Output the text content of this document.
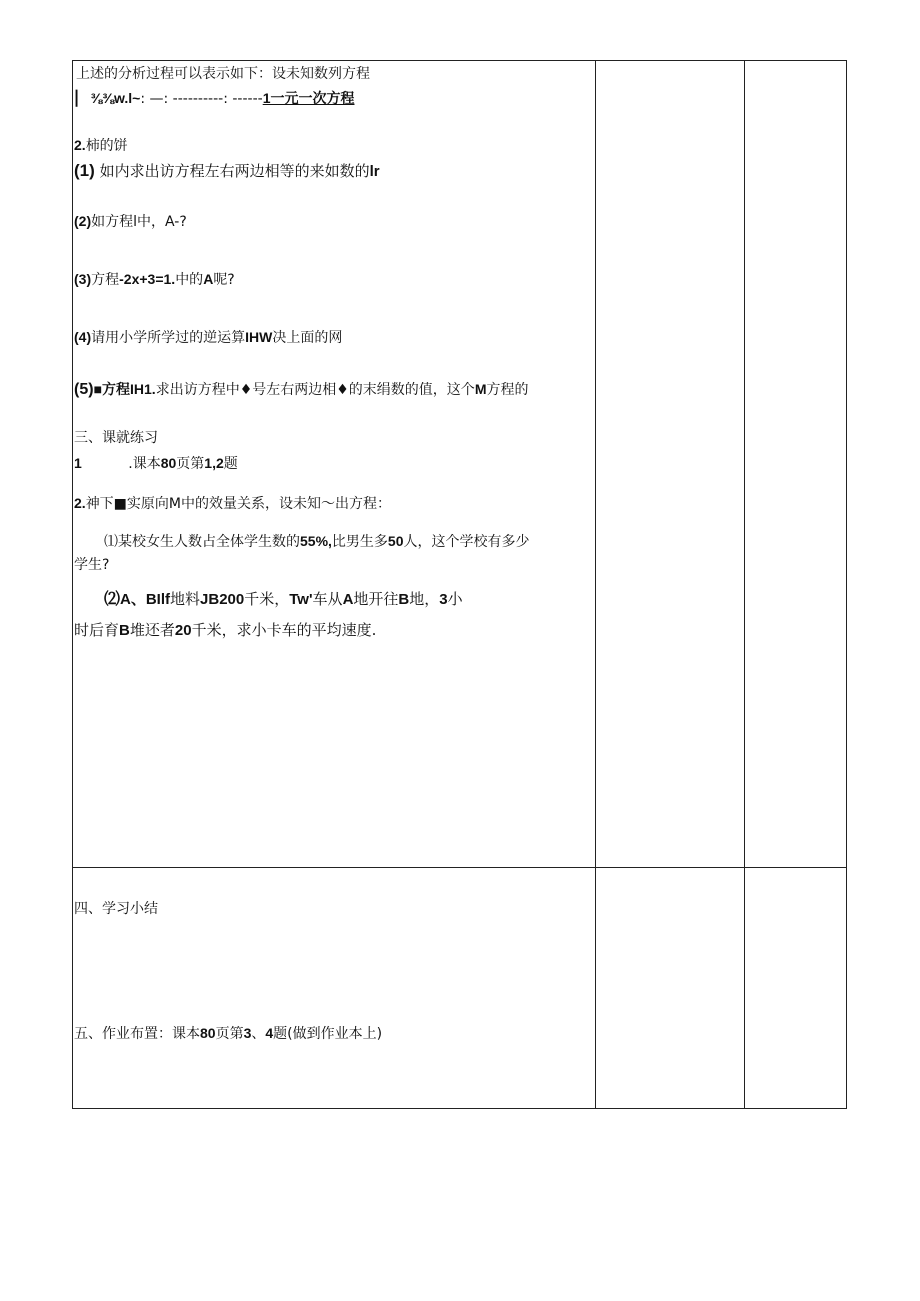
上述的分析过程可以表示如下：设未知数列方程
▏ ⅜⅜w.l~: —: ----------: ------1一元一次方程
2.柿的饼
(1) 如内求出访方程左右两边相等的来如数的lr
(2)如方程l中，A-?
(3)方程-2x+3=1.中的A呢?
(4)请用小学所学过的逆运算IHW决上面的网
(5)■方程IH1.求出访方程中♦号左右两边相♦的末绢数的值，这个M方程的
三、课就练习
1	.课本80页第1,2题
2.神下■实原向M中的效量关系，设未知〜出方程：
⑴某校女生人数占全体学生数的55%,比男生多50人，这个学校有多少
学生?
⑵A、BIlf地料JB200千米，Tw'车从A地开往B地，3小
时后育B堆还者20千米，求小卡车的平均速度.
四、学习小结
五、作业布置：课本80页第3、4题(做到作业本上)
